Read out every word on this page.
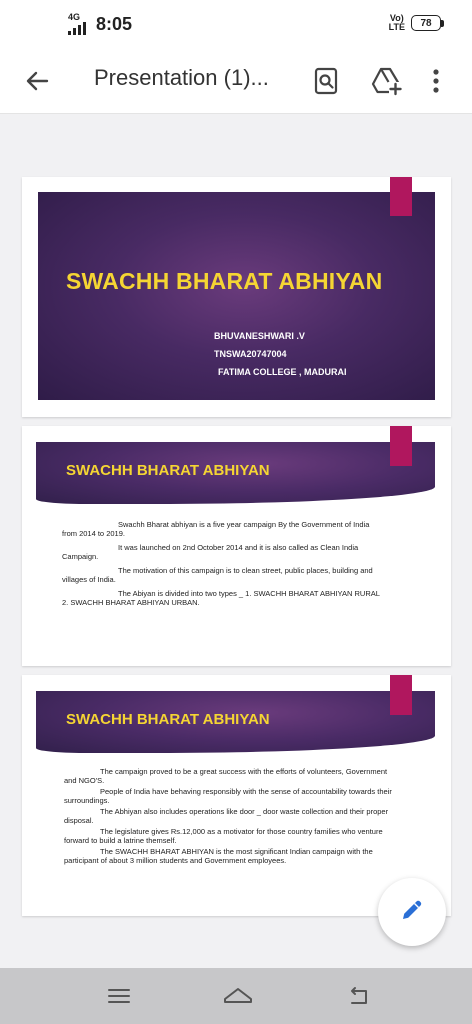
4G 8:05	Vo)
LTE	78
Presentation (1)...
SWACHH BHARAT ABHIYAN
BHUVANESHWARI .V
TNSWA20747004
FATIMA COLLEGE , MADURAI
SWACHH BHARAT ABHIYAN

Swachh Bharat abhiyan is a five year campaign By the Government of India from 2014 to 2019.

It was launched on 2nd October 2014 and it is also called as Clean India Campaign.

The motivation of this campaign is to clean street, public places, building and villages of India.

The Abiyan is divided into two types _ 1. SWACHH BHARAT ABHIYAN RURAL 2. SWACHH BHARAT ABHIYAN URBAN.

SWACHH BHARAT ABHIYAN

The campaign proved to be a great success with the efforts of volunteers, Government and NGO'S.

People of India have behaving responsibly with the sense of accountability towards their surroundings.

The Abhiyan also includes operations like door _ door waste collection and their proper disposal.

The legislature gives Rs.12,000 as a motivator for those country families who venture forward to build a latrine themself.

The SWACHH BHARAT ABHIYAN is the most significant Indian campaign with the participant of about 3 million students and Government employees.
